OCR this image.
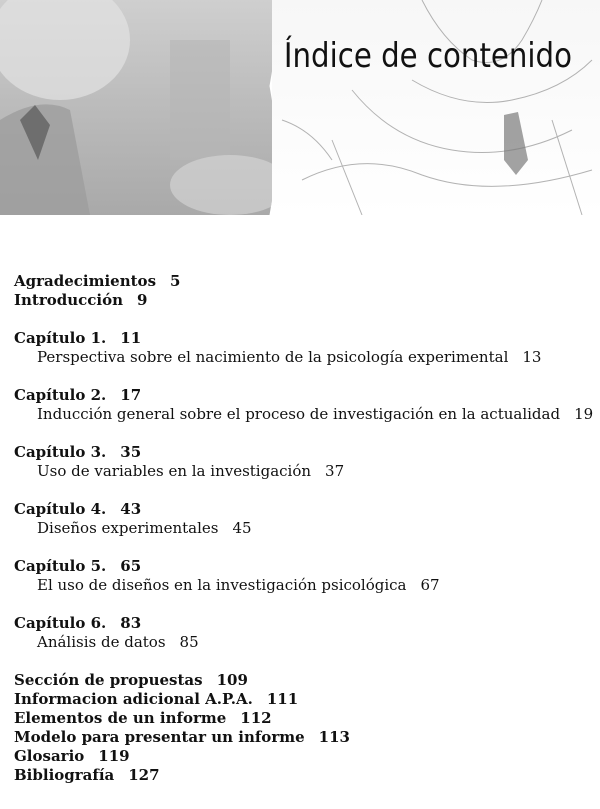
Índice de contenido
Agradecimientos 5
Introducción 9
Capítulo 1. 11
Perspectiva sobre el nacimiento de la psicología experimental 13
Capítulo 2. 17
Inducción general sobre el proceso de investigación en la actualidad 19
Capítulo 3. 35
Uso de variables en la investigación 37
Capítulo 4. 43
Diseños experimentales 45
Capítulo 5. 65
El uso de diseños en la investigación psicológica 67
Capítulo 6. 83
Análisis de datos 85
Sección de propuestas 109
Informacion adicional A.P.A. 111
Elementos de un informe 112
Modelo para presentar un informe 113
Glosario 119
Bibliografía 127
